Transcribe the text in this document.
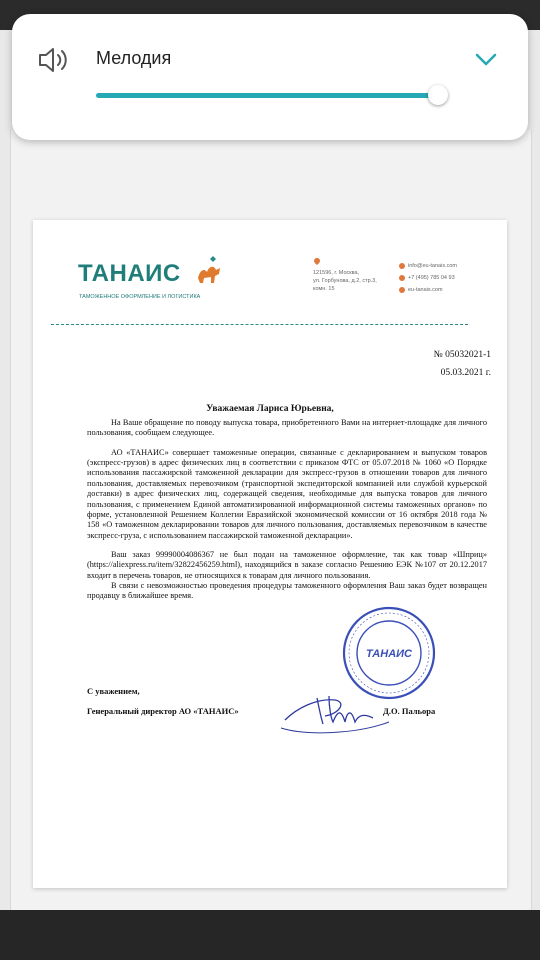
ТАНАИС
ТАМОЖЕННОЕ ОФОРМЛЕНИЕ И ЛОГИСТИКА
121596, г. Москва,
ул. Горбунова, д.2, стр.3,
комн. 15
info@eu-tanais.com
+7 (495) 785 04 93
eu-tanais.com
№ 05032021-1
05.03.2021 г.
Уважаемая Лариса Юрьевна,

На Ваше обращение по поводу выпуска товара, приобретенного Вами на интернет-площадке для личного пользования, сообщаем следующее.

АО «ТАНАИС» совершает таможенные операции, связанные с декларированием и выпуском товаров (экспресс-грузов) в адрес физических лиц в соответствии с приказом ФТС от 05.07.2018 № 1060 «О Порядке использования пассажирской таможенной декларации для экспресс-грузов в отношении товаров для личного пользования, доставляемых перевозчиком (транспортной экспедиторской компанией или службой курьерской доставки) в адрес физических лиц, содержащей сведения, необходимые для выпуска товаров для личного пользования, с применением Единой автоматизированной информационной системы таможенных органов» по форме, установленной Решением Коллегии Евразийской экономической комиссии от 16 октября 2018 года № 158 «О таможенном декларировании товаров для личного пользования, доставляемых перевозчиком в качестве экспресс-груза, с использованием пассажирской таможенной декларации».

Ваш заказ 99990004086367 не был подан на таможенное оформление, так как товар «Шприц» (https://aliexpress.ru/item/32822456259.html), находящийся в заказе согласно Решению ЕЭК №107 от 20.12.2017 входит в перечень товаров, не относящихся к товарам для личного пользования.

В связи с невозможностью проведения процедуры таможенного оформления Ваш заказ будет возвращен продавцу в ближайшее время.

ТАНАИС
С уважением,
Генеральный директор АО «ТАНАИС»	Д.О. Пальора
Мелодия
